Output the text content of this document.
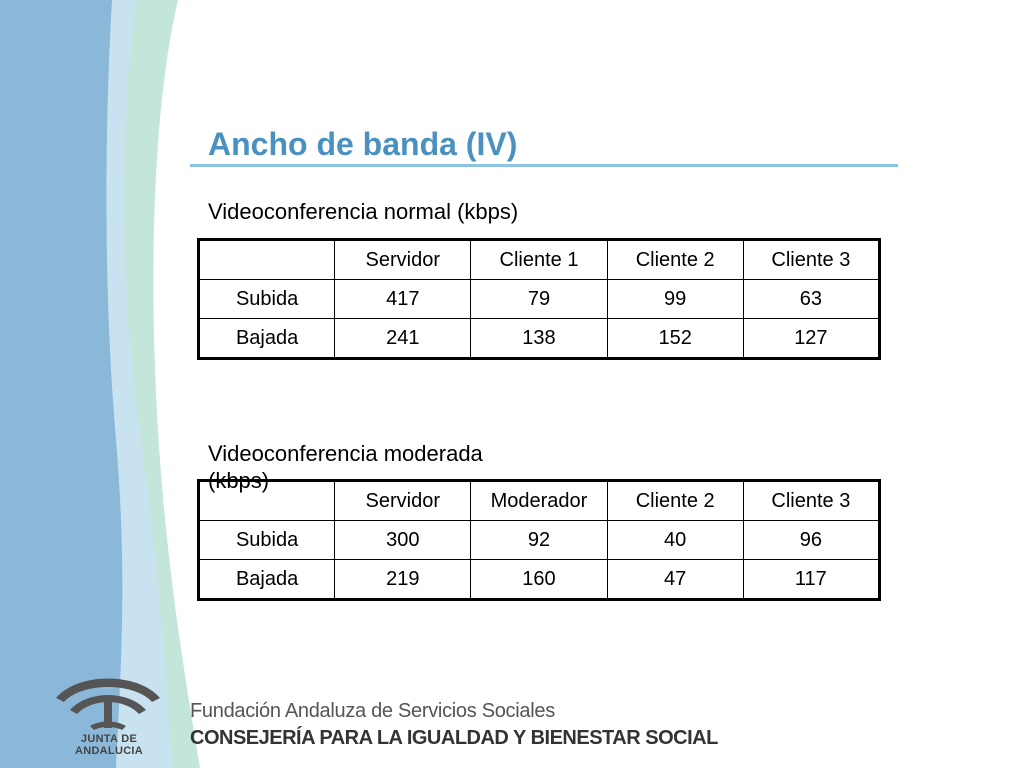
Ancho de banda (IV)
Videoconferencia normal (kbps)
	Servidor	Cliente 1	Cliente 2	Cliente 3
Subida	417	79	99	63
Bajada	241	138	152	127
Videoconferencia moderada (kbps)
	Servidor	Moderador	Cliente 2	Cliente 3
Subida	300	92	40	96
Bajada	219	160	47	117
JUNTA DE ANDALUCIA
Fundación Andaluza de Servicios Sociales
CONSEJERÍA PARA LA IGUALDAD Y BIENESTAR SOCIAL
